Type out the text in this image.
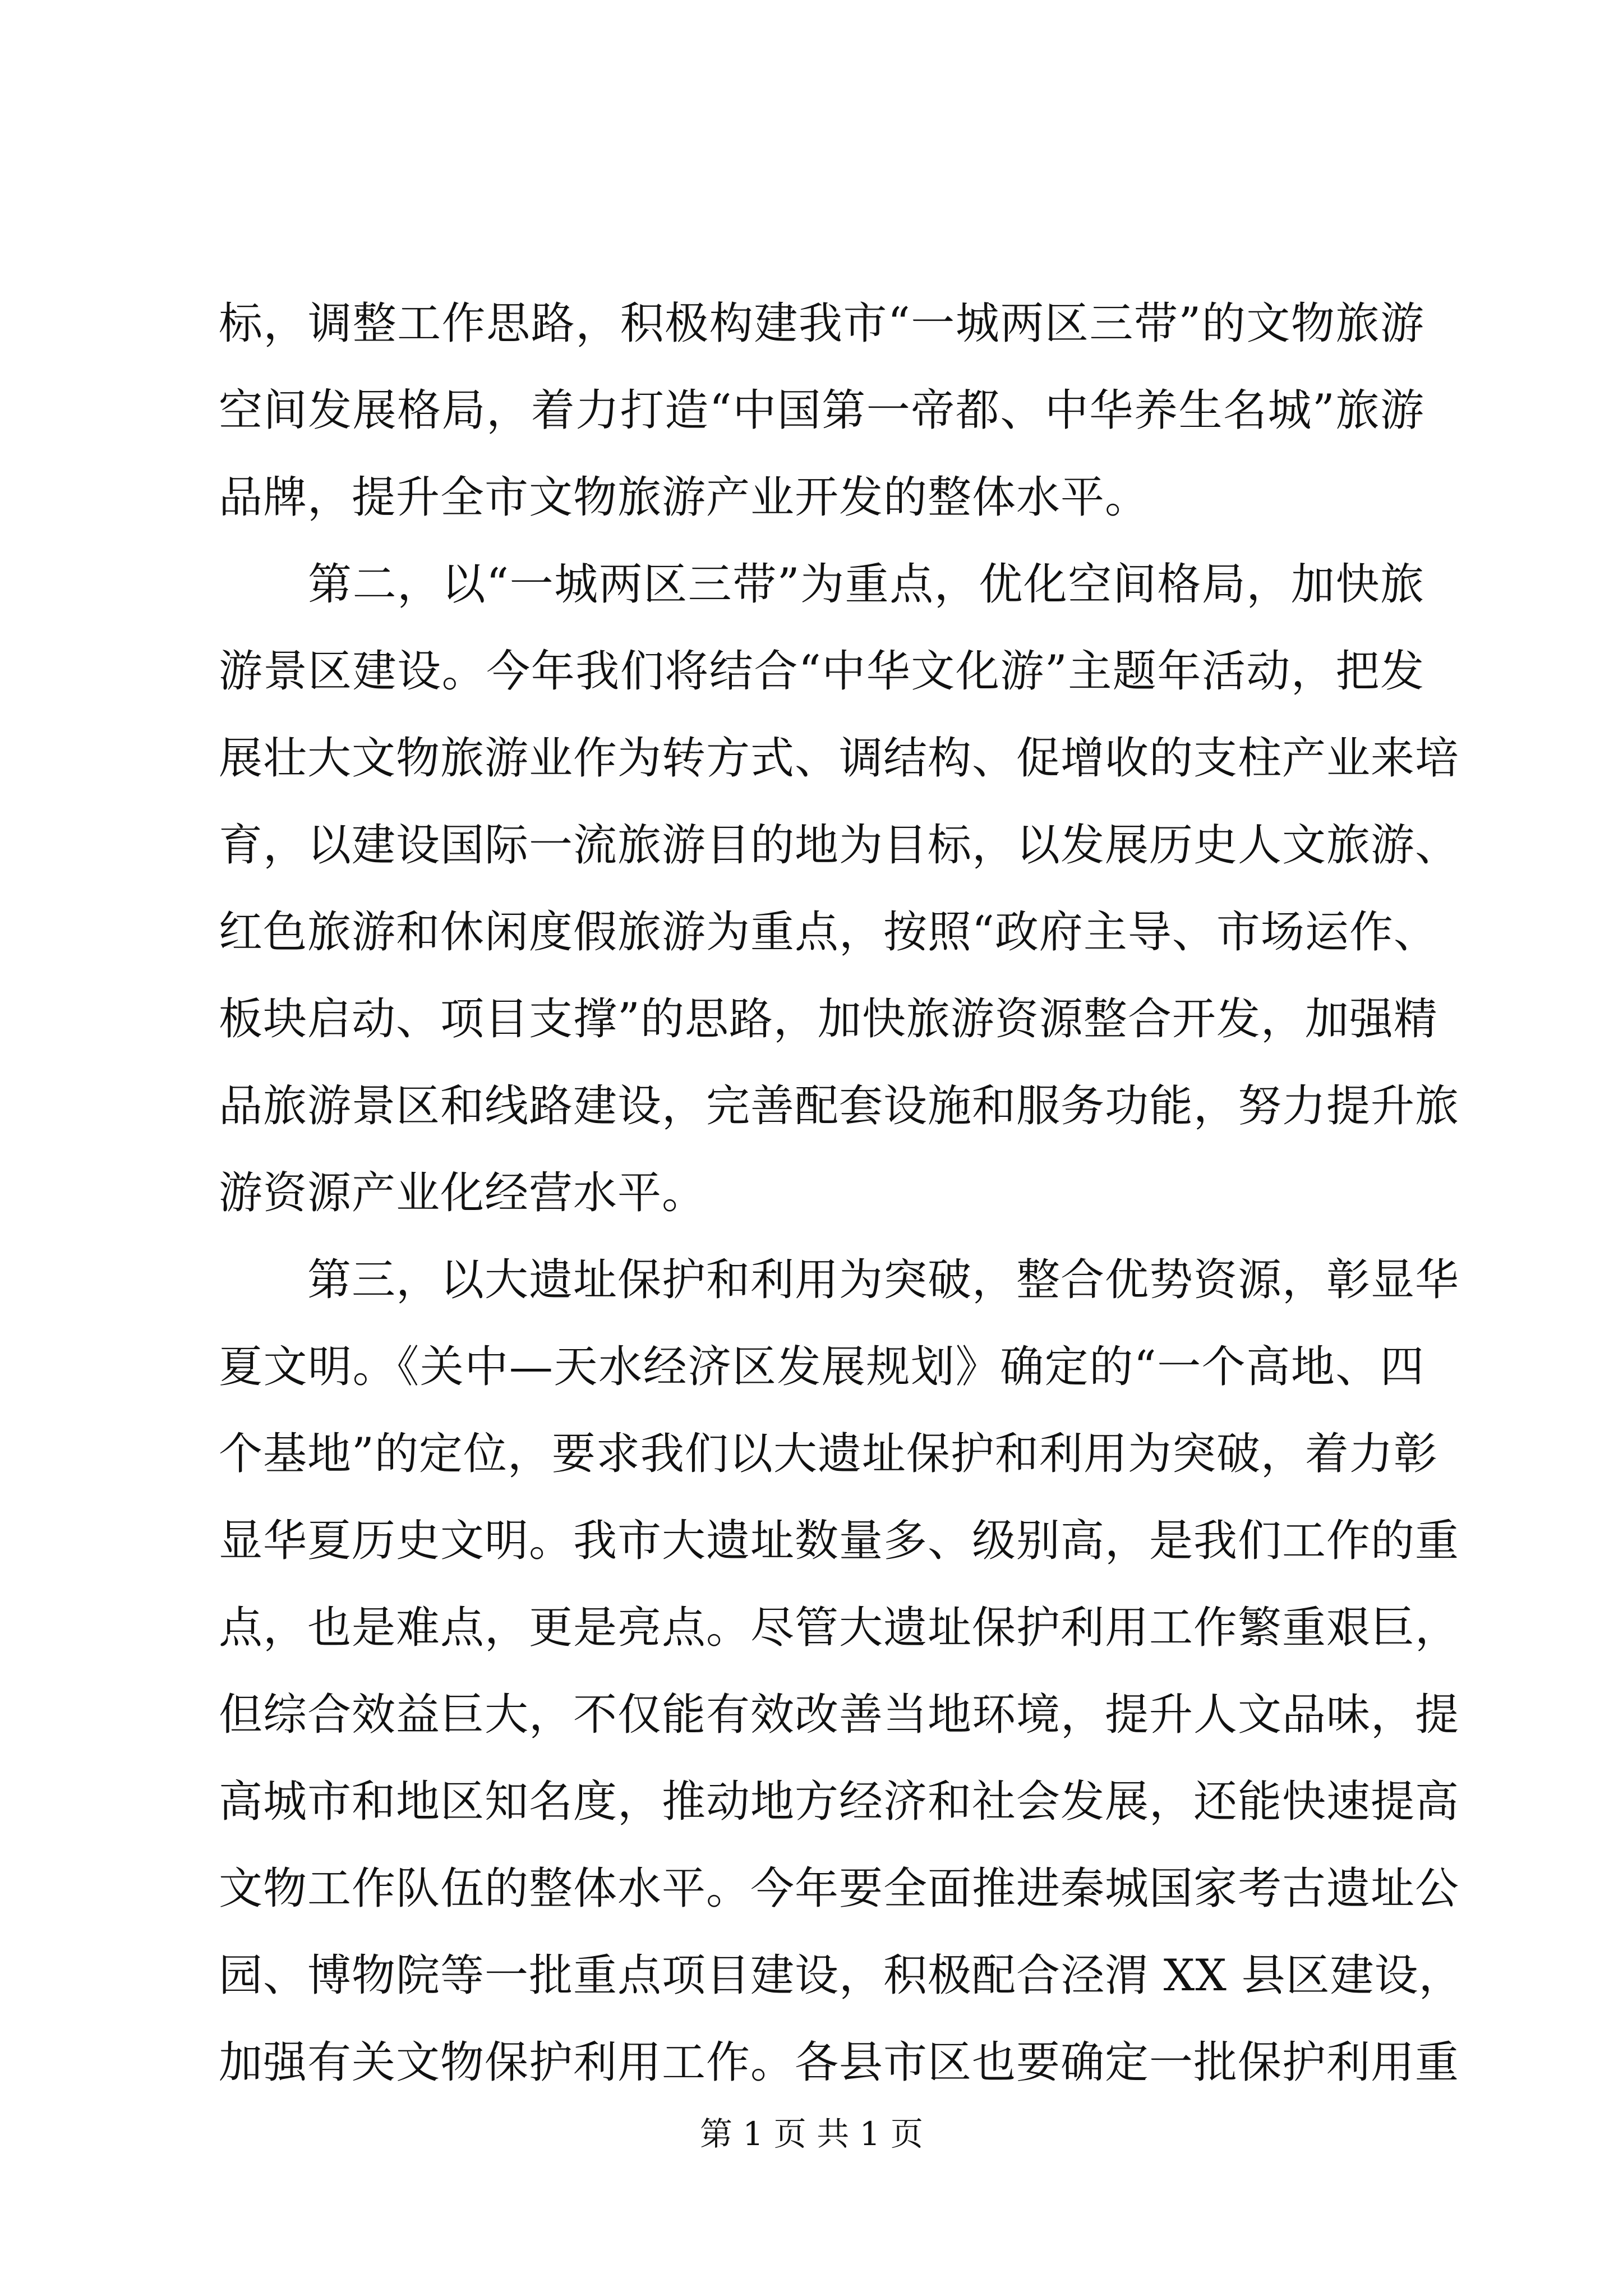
标，调整工作思路，积极构建我市“一城两区三带”的文物旅游
空间发展格局，着力打造“中国第一帝都、中华养生名城”旅游
品牌，提升全市文物旅游产业开发的整体水平。
　　第二，以“一城两区三带”为重点，优化空间格局，加快旅
游景区建设。今年我们将结合“中华文化游”主题年活动，把发
展壮大文物旅游业作为转方式、调结构、促增收的支柱产业来培
育，以建设国际一流旅游目的地为目标，以发展历史人文旅游、
红色旅游和休闲度假旅游为重点，按照“政府主导、市场运作、
板块启动、项目支撑”的思路，加快旅游资源整合开发，加强精
品旅游景区和线路建设，完善配套设施和服务功能，努力提升旅
游资源产业化经营水平。
　　第三，以大遗址保护和利用为突破，整合优势资源，彰显华
夏文明。《关中—天水经济区发展规划》确定的“一个高地、四
个基地”的定位，要求我们以大遗址保护和利用为突破，着力彰
显华夏历史文明。我市大遗址数量多、级别高，是我们工作的重
点，也是难点，更是亮点。尽管大遗址保护利用工作繁重艰巨，
但综合效益巨大，不仅能有效改善当地环境，提升人文品味，提
高城市和地区知名度，推动地方经济和社会发展，还能快速提高
文物工作队伍的整体水平。今年要全面推进秦城国家考古遗址公
园、博物院等一批重点项目建设，积极配合泾渭 XX 县区建设，
加强有关文物保护利用工作。各县市区也要确定一批保护利用重
第 1 页 共 1 页
